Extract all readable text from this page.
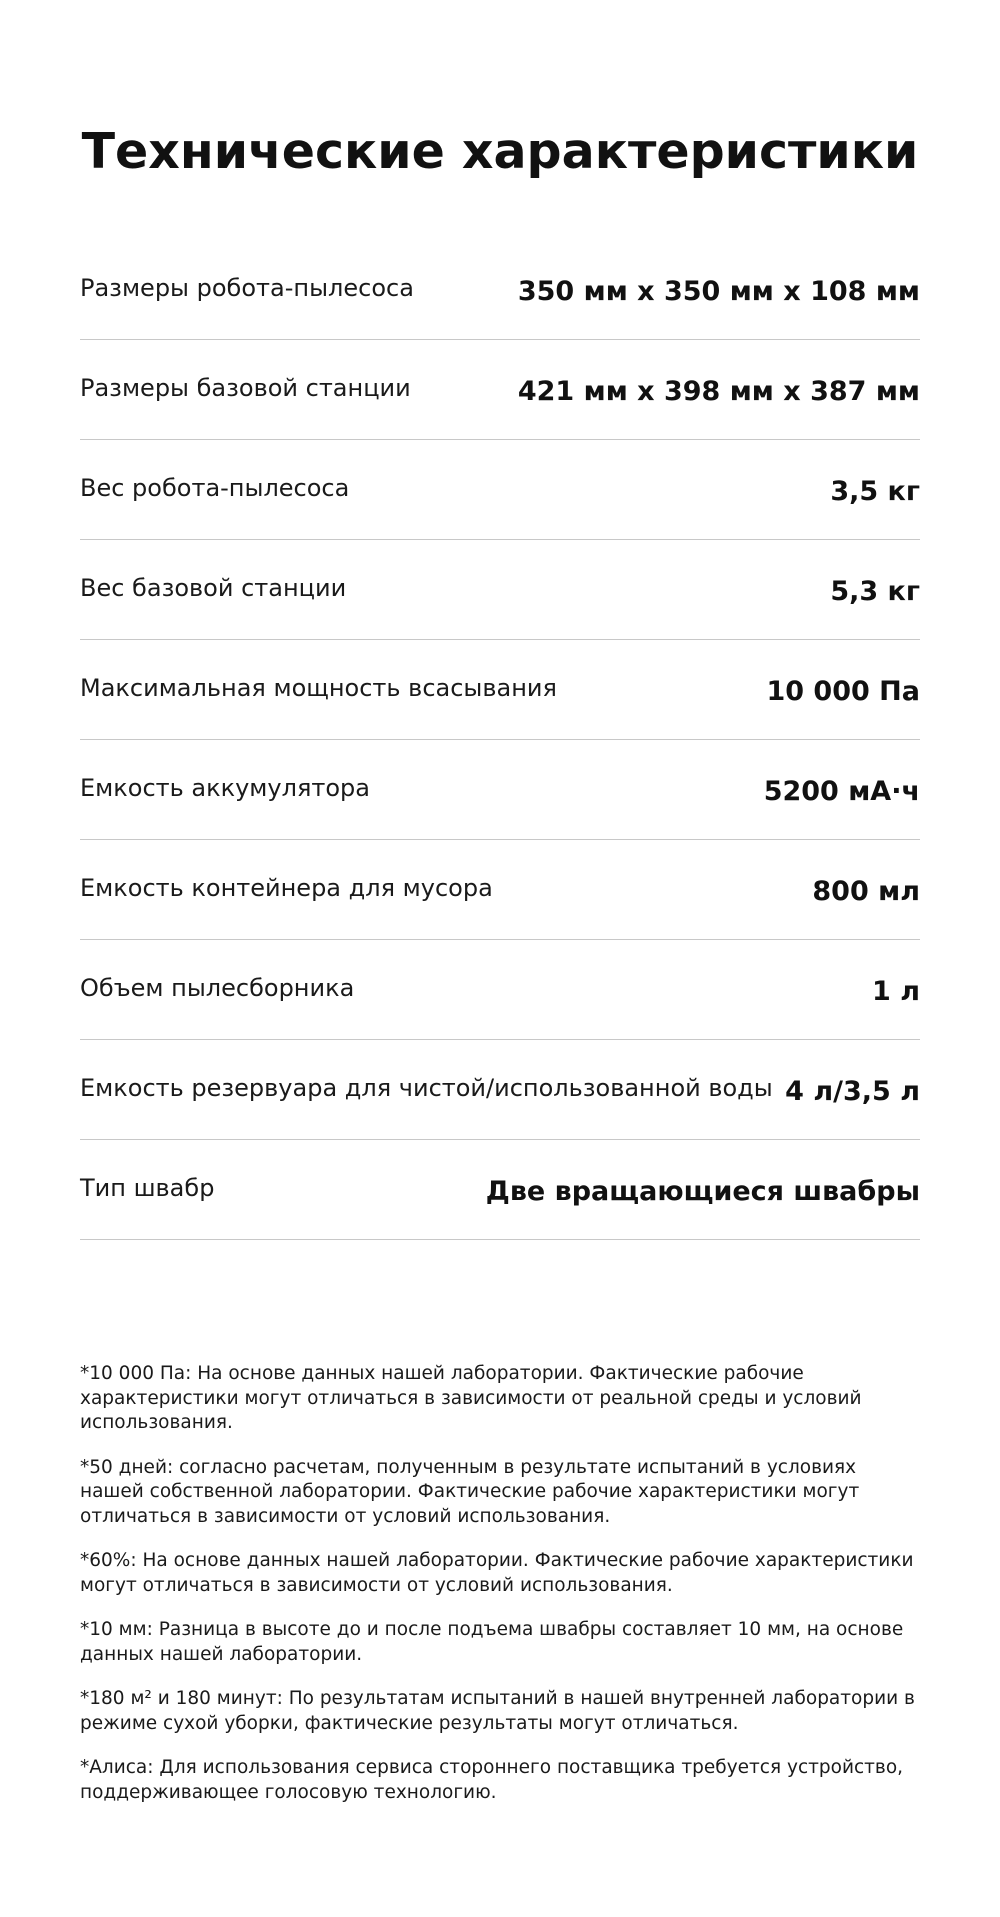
Технические характеристики
Размеры робота-пылесоса	350 мм x 350 мм x 108 мм
Размеры базовой станции	421 мм x 398 мм x 387 мм
Вес робота-пылесоса	3,5 кг
Вес базовой станции	5,3 кг
Максимальная мощность всасывания	10 000 Па
Емкость аккумулятора	5200 мА·ч
Емкость контейнера для мусора	800 мл
Объем пылесборника	1 л
Емкость резервуара для чистой/использованной воды 4 л/3,5 л
Тип швабр	Две вращающиеся швабры

*10 000 Па: На основе данных нашей лаборатории. Фактические рабочие характеристики могут отличаться в зависимости от реальной среды и условий использования.

*50 дней: согласно расчетам, полученным в результате испытаний в условиях нашей собственной лаборатории. Фактические рабочие характеристики могут отличаться в зависимости от условий использования.

*60%: На основе данных нашей лаборатории. Фактические рабочие характеристики могут отличаться в зависимости от условий использования.

*10 мм: Разница в высоте до и после подъема швабры составляет 10 мм, на основе данных нашей лаборатории.

*180 м² и 180 минут: По результатам испытаний в нашей внутренней лаборатории в режиме сухой уборки, фактические результаты могут отличаться.

*Алиса: Для использования сервиса стороннего поставщика требуется устройство, поддерживающее голосовую технологию.
